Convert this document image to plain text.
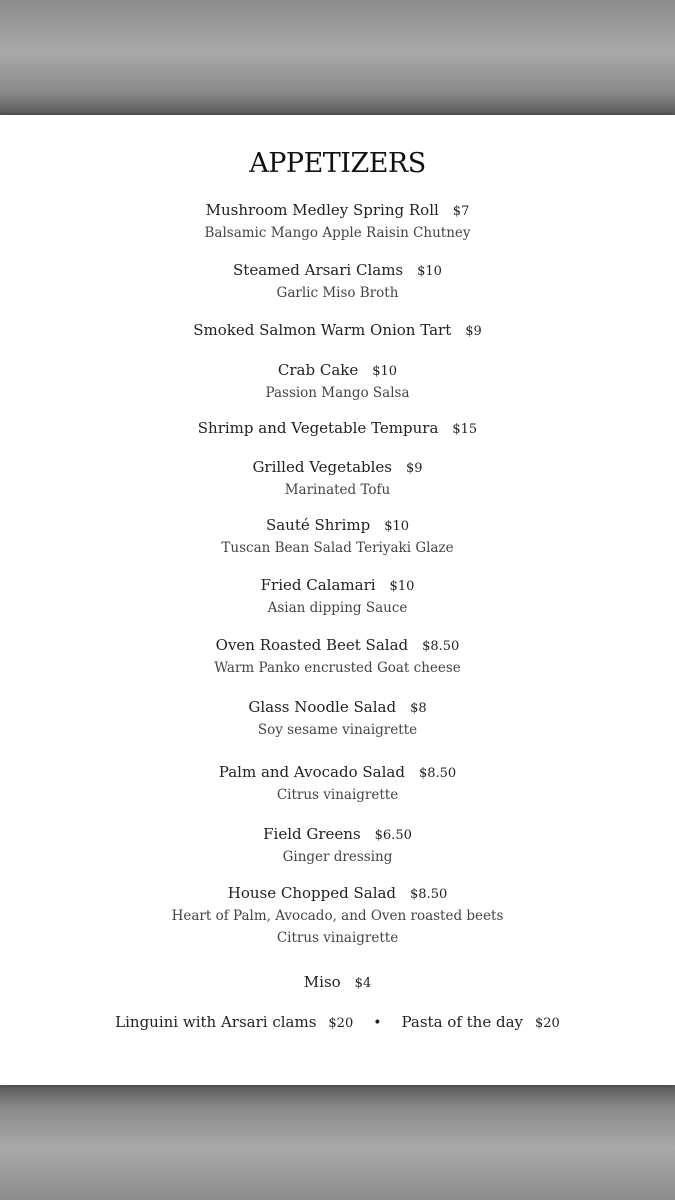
APPETIZERS
Mushroom Medley Spring Roll $7
Balsamic Mango Apple Raisin Chutney
Steamed Arsari Clams $10
Garlic Miso Broth
Smoked Salmon Warm Onion Tart $9
Crab Cake $10
Passion Mango Salsa
Shrimp and Vegetable Tempura $15
Grilled Vegetables $9
Marinated Tofu
Sauté Shrimp $10
Tuscan Bean Salad Teriyaki Glaze
Fried Calamari $10
Asian dipping Sauce
Oven Roasted Beet Salad $8.50
Warm Panko encrusted Goat cheese
Glass Noodle Salad $8
Soy sesame vinaigrette
Palm and Avocado Salad $8.50
Citrus vinaigrette
Field Greens $6.50
Ginger dressing
House Chopped Salad $8.50
Heart of Palm, Avocado, and Oven roasted beets
Citrus vinaigrette
Miso $4
Linguini with Arsari clams $20 • Pasta of the day $20
